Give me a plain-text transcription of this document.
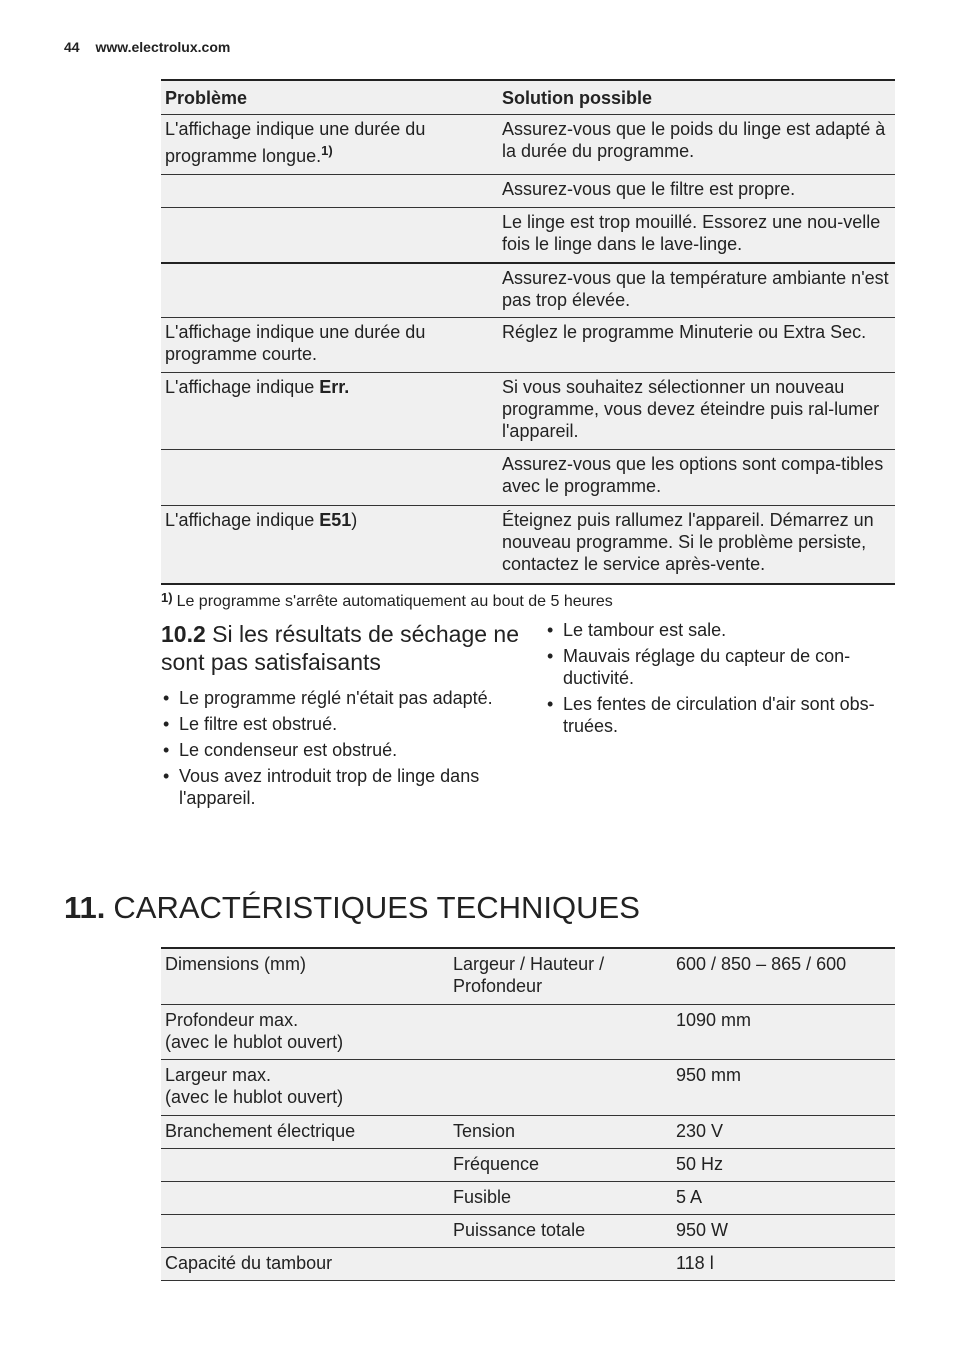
44 www.electrolux.com
Problème	Solution possible
L'affichage indique une durée du programme longue.$^{1)}$	Assurez-vous que le poids du linge est adapté à la durée du programme.
	Assurez-vous que le filtre est propre.
	Le linge est trop mouillé. Essorez une nou-velle fois le linge dans le lave-linge.
	Assurez-vous que la température ambiante n'est pas trop élevée.
L'affichage indique une durée du programme courte.	Réglez le programme Minuterie ou Extra Sec.
L'affichage indique Err.	Si vous souhaitez sélectionner un nouveau programme, vous devez éteindre puis ral-lumer l'appareil.
	Assurez-vous que les options sont compa-tibles avec le programme.
L'affichage indique E51)	Éteignez puis rallumez l'appareil. Démarrez un nouveau programme. Si le problème persiste, contactez le service après-vente.
$^{1)}$ Le programme s'arrête automatiquement au bout de 5 heures
10.2 Si les résultats de séchage ne sont pas satisfaisants
• Le programme réglé n'était pas adapté.
• Le filtre est obstrué.
• Le condenseur est obstrué.
• Vous avez introduit trop de linge dans l'appareil.
• Le tambour est sale.
• Mauvais réglage du capteur de con-ductivité.
• Les fentes de circulation d'air sont obs-truées.
11. CARACTÉRISTIQUES TECHNIQUES
Dimensions (mm)	Largeur / Hauteur / Profondeur	600 / 850 – 865 / 600

Profondeur max.
(avec le hublot ouvert)		1090 mm

Largeur max.
(avec le hublot ouvert)		950 mm
Branchement électrique	Tension	230 V
	Fréquence	50 Hz
	Fusible	5 A
	Puissance totale	950 W
Capacité du tambour		118 l
